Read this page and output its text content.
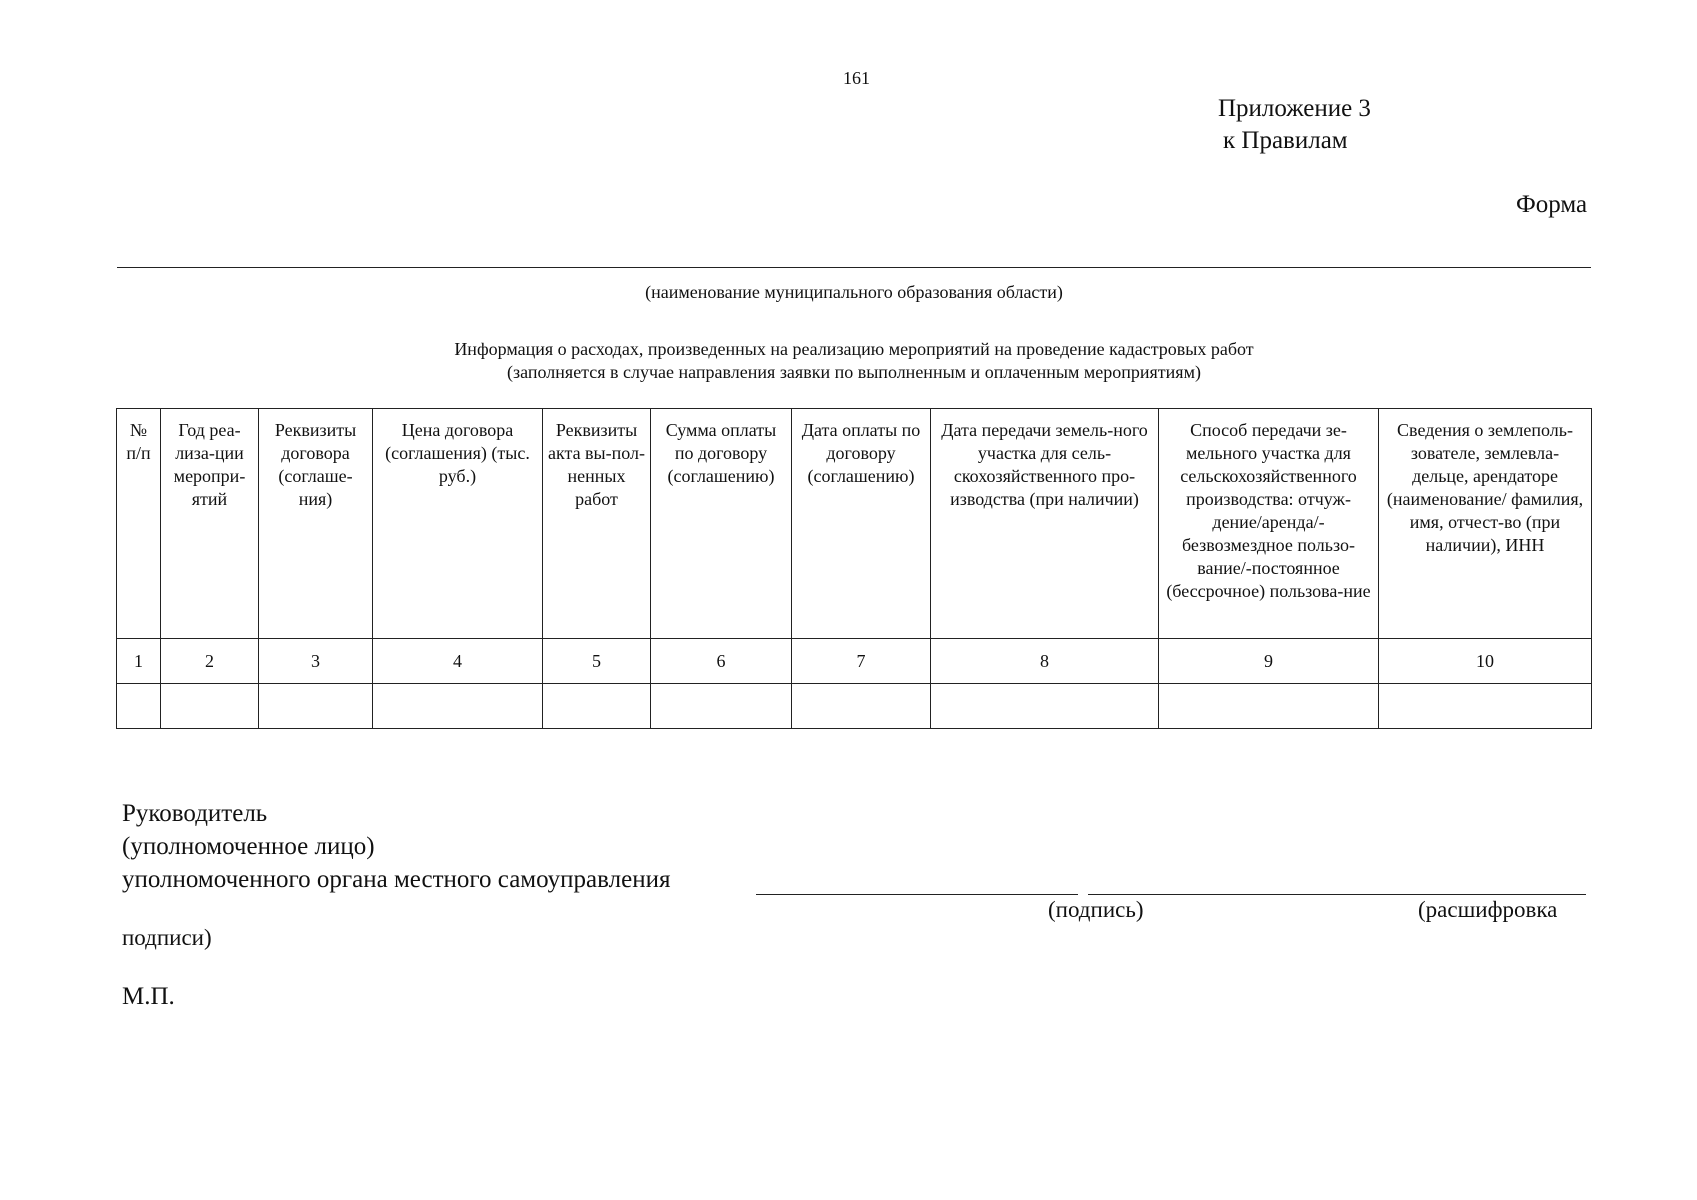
161
Приложение 3
к Правилам
Форма
(наименование муниципального образования области)
Информация о расходах, произведенных на реализацию мероприятий на проведение кадастровых работ
(заполняется в случае направления заявки по выполненным и оплаченным мероприятиям)
№ п/п	Год реа-лиза-ции меропри-ятий	Реквизиты договора (соглаше-ния)	Цена договора (соглашения) (тыс. руб.)	Реквизиты акта вы-пол-ненных работ	Сумма оплаты по договору (соглашению)	Дата оплаты по договору (соглашению)	Дата передачи земель-ного участка для сель-скохозяйственного про-изводства (при наличии)	Способ передачи зе-мельного участка для сельскохозяйственного производства: отчуж-дение/аренда/-безвозмездное пользо-вание/-постоянное (бессрочное) пользова-ние	Сведения о землеполь-зователе, землевла-дельце, арендаторе (наименование/ фамилия, имя, отчест-во (при наличии), ИНН
1	2	3	4	5	6	7	8	9	10

Руководитель
(уполномоченное лицо)
уполномоченного органа местного самоуправления
(подпись)	(расшифровка
подписи)
М.П.
